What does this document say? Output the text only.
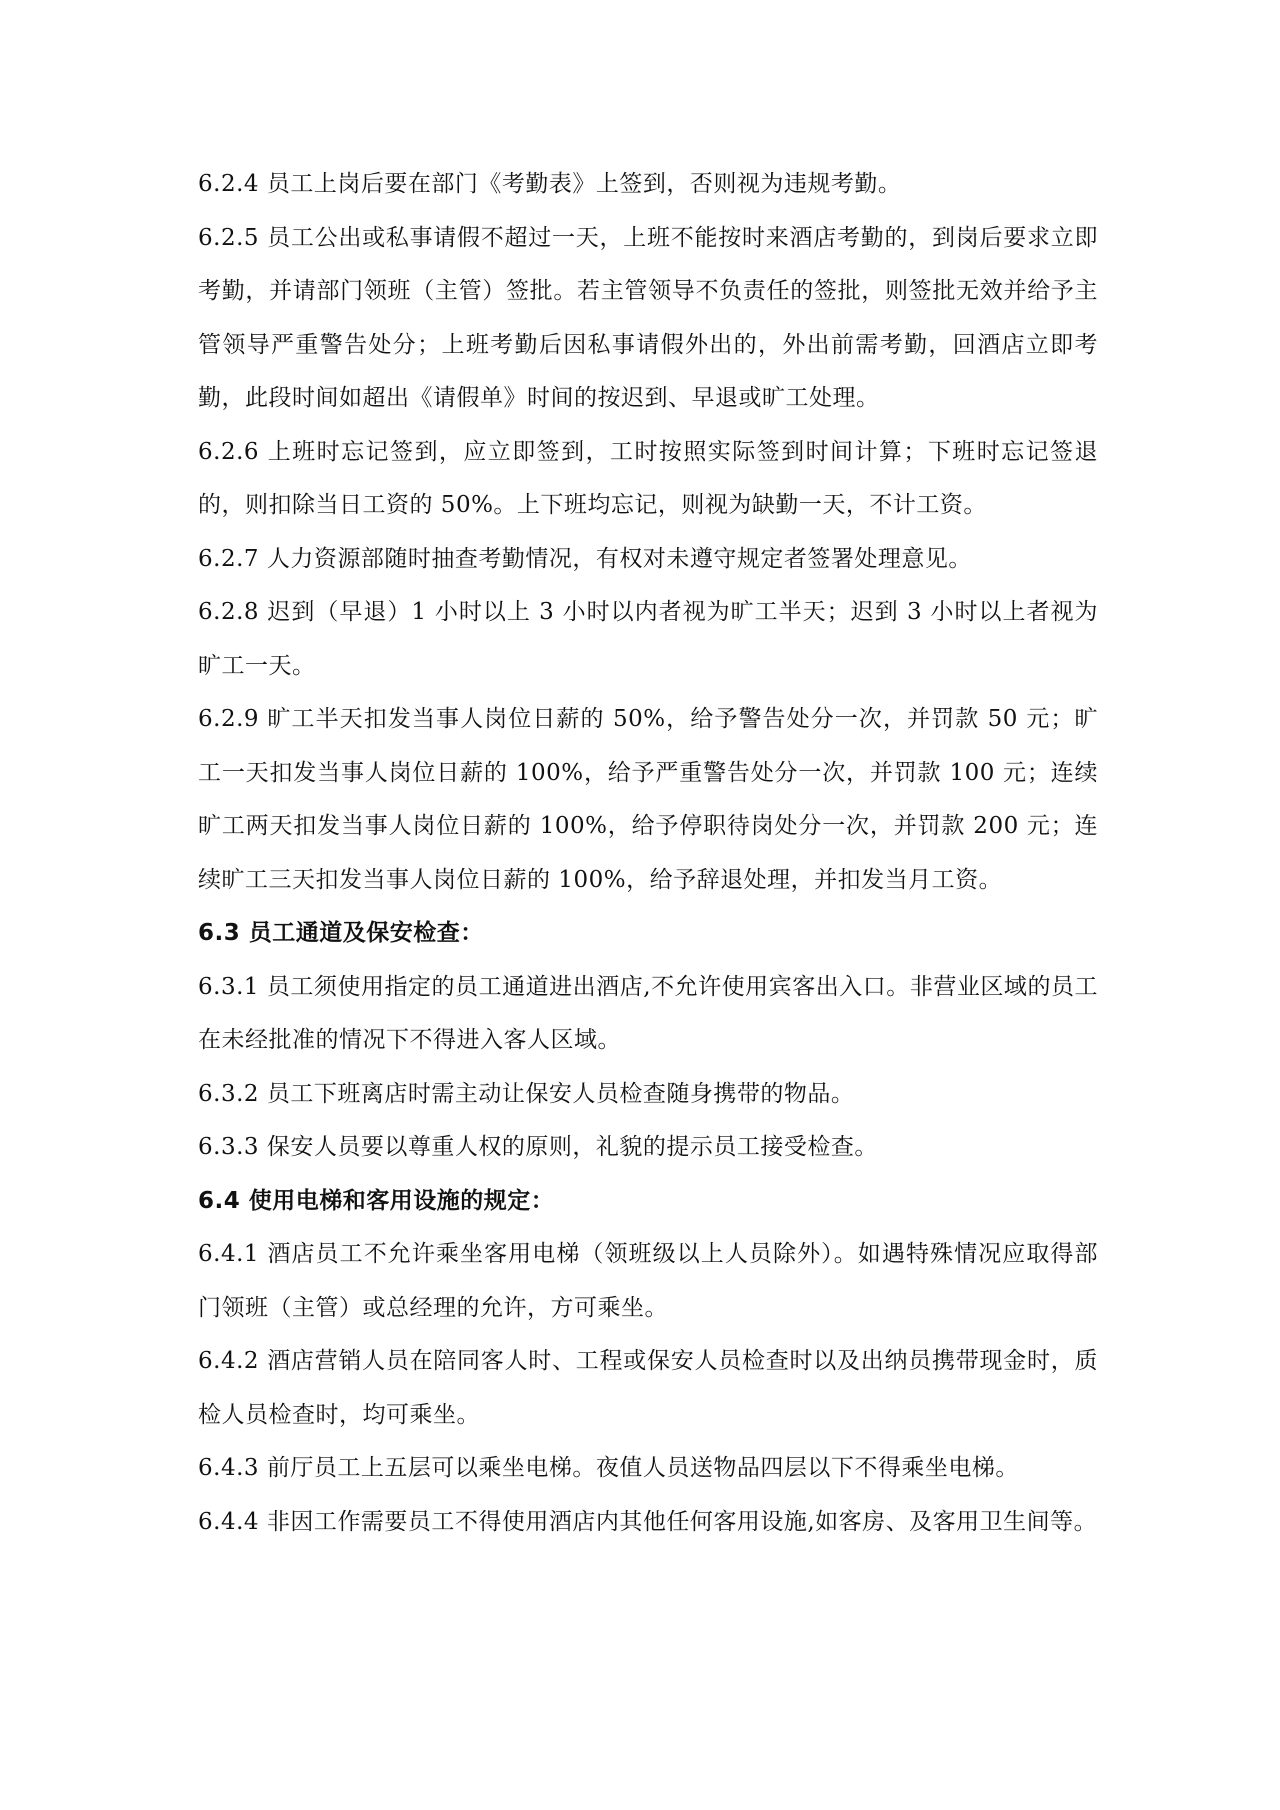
6.2.4 员工上岗后要在部门《考勤表》上签到，否则视为违规考勤。

6.2.5 员工公出或私事请假不超过一天，上班不能按时来酒店考勤的，到岗后要求立即考勤，并请部门领班（主管）签批。若主管领导不负责任的签批，则签批无效并给予主管领导严重警告处分；上班考勤后因私事请假外出的，外出前需考勤，回酒店立即考勤，此段时间如超出《请假单》时间的按迟到、早退或旷工处理。

6.2.6 上班时忘记签到，应立即签到，工时按照实际签到时间计算；下班时忘记签退的，则扣除当日工资的 50%。上下班均忘记，则视为缺勤一天，不计工资。

6.2.7 人力资源部随时抽查考勤情况，有权对未遵守规定者签署处理意见。

6.2.8 迟到（早退）1 小时以上 3 小时以内者视为旷工半天；迟到 3 小时以上者视为旷工一天。

6.2.9 旷工半天扣发当事人岗位日薪的 50%，给予警告处分一次，并罚款 50 元；旷工一天扣发当事人岗位日薪的 100%，给予严重警告处分一次，并罚款 100 元；连续旷工两天扣发当事人岗位日薪的 100%，给予停职待岗处分一次，并罚款 200 元；连续旷工三天扣发当事人岗位日薪的 100%，给予辞退处理，并扣发当月工资。

6.3 员工通道及保安检查：

6.3.1 员工须使用指定的员工通道进出酒店,不允许使用宾客出入口。非营业区域的员工在未经批准的情况下不得进入客人区域。

6.3.2 员工下班离店时需主动让保安人员检查随身携带的物品。

6.3.3 保安人员要以尊重人权的原则，礼貌的提示员工接受检查。

6.4 使用电梯和客用设施的规定：

6.4.1 酒店员工不允许乘坐客用电梯（领班级以上人员除外）。如遇特殊情况应取得部门领班（主管）或总经理的允许，方可乘坐。

6.4.2 酒店营销人员在陪同客人时、工程或保安人员检查时以及出纳员携带现金时，质检人员检查时，均可乘坐。

6.4.3 前厅员工上五层可以乘坐电梯。夜值人员送物品四层以下不得乘坐电梯。

6.4.4 非因工作需要员工不得使用酒店内其他任何客用设施,如客房、及客用卫生间等。
